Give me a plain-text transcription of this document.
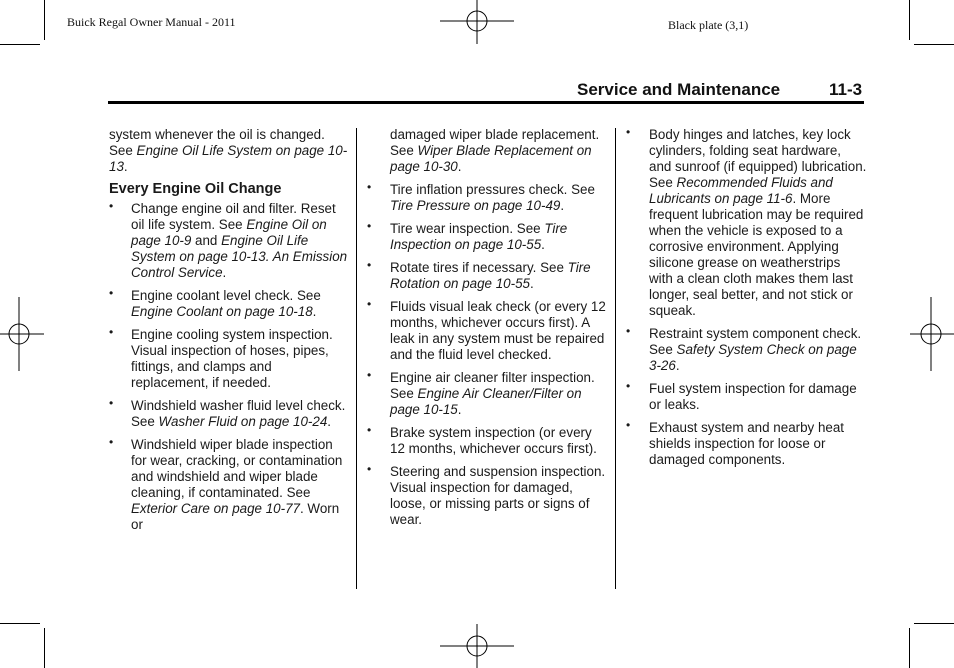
Buick Regal Owner Manual - 2011	Black plate (3,1)
Service and Maintenance	11-3

system whenever the oil is changed. See Engine Oil Life System on page 10-13.

Every Engine Oil Change
• Change engine oil and filter. Reset oil life system. See Engine Oil on page 10-9 and Engine Oil Life System on page 10-13. An Emission Control Service.
• Engine coolant level check. See Engine Coolant on page 10-18.
• Engine cooling system inspection. Visual inspection of hoses, pipes, fittings, and clamps and replacement, if needed.
• Windshield washer fluid level check. See Washer Fluid on page 10-24.
• Windshield wiper blade inspection for wear, cracking, or contamination and windshield and wiper blade cleaning, if contaminated. See Exterior Care on page 10-77. Worn or

damaged wiper blade replacement. See Wiper Blade Replacement on page 10-30.

• Tire inflation pressures check. See Tire Pressure on page 10-49.
• Tire wear inspection. See Tire Inspection on page 10-55.
• Rotate tires if necessary. See Tire Rotation on page 10-55.
• Fluids visual leak check (or every 12 months, whichever occurs first). A leak in any system must be repaired and the fluid level checked.
• Engine air cleaner filter inspection. See Engine Air Cleaner/Filter on page 10-15.
• Brake system inspection (or every 12 months, whichever occurs first).
• Steering and suspension inspection. Visual inspection for damaged, loose, or missing parts or signs of wear.
• Body hinges and latches, key lock cylinders, folding seat hardware, and sunroof (if equipped) lubrication. See Recommended Fluids and Lubricants on page 11-6. More frequent lubrication may be required when the vehicle is exposed to a corrosive environment. Applying silicone grease on weatherstrips with a clean cloth makes them last longer, seal better, and not stick or squeak.
• Restraint system component check. See Safety System Check on page 3-26.
• Fuel system inspection for damage or leaks.
• Exhaust system and nearby heat shields inspection for loose or damaged components.
